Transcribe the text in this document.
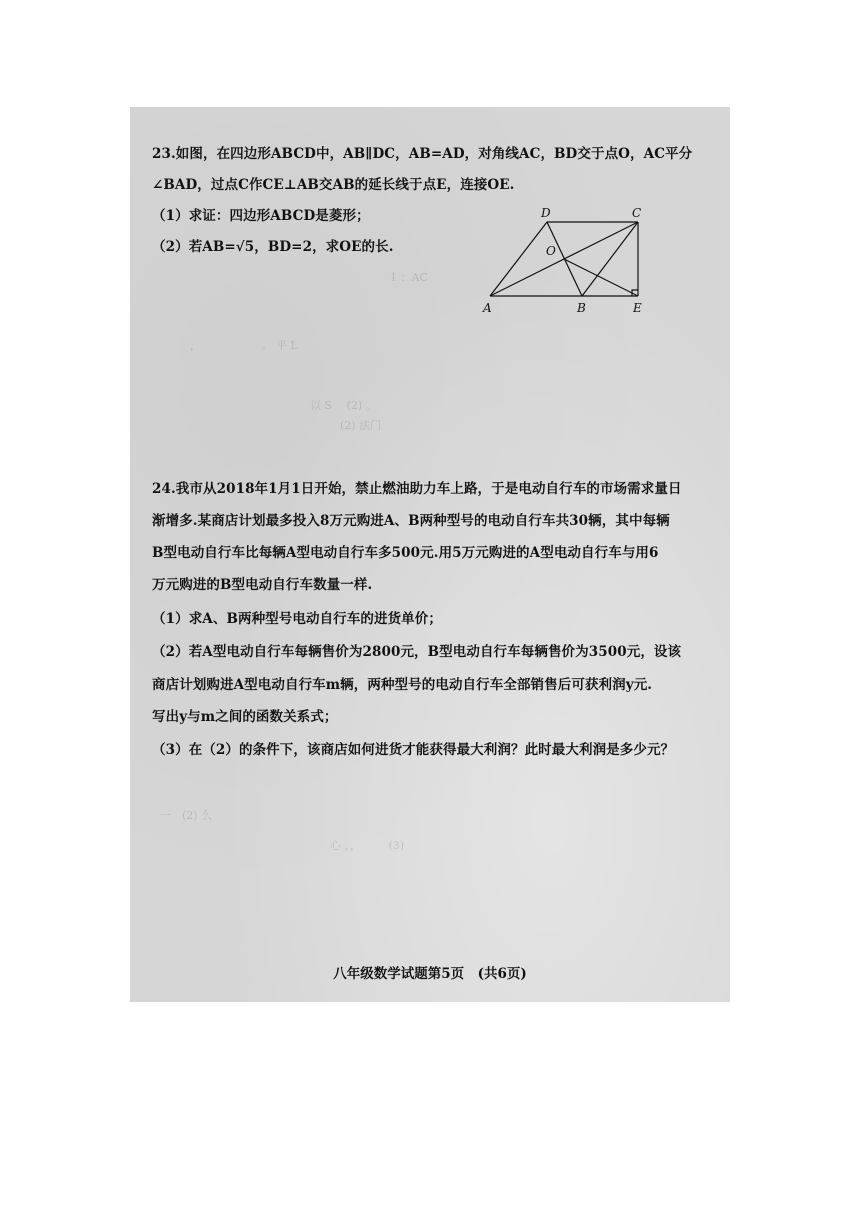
23.如图，在四边形ABCD中，AB∥DC，AB=AD，对角线AC，BD交于点O，AC平分
∠BAD，过点C作CE⊥AB交AB的延长线于点E，连接OE.
（1）求证：四边形ABCD是菱形；
（2）若AB=√5，BD=2，求OE的长.
D	C
O
A	B	E
1 ：AC
，　　　　　　。 平 L
以 S 　(2) 。
(2) 法门
24.我市从2018年1月1日开始，禁止燃油助力车上路，于是电动自行车的市场需求量日
渐增多.某商店计划最多投入8万元购进A、B两种型号的电动自行车共30辆，其中每辆
B型电动自行车比每辆A型电动自行车多500元.用5万元购进的A型电动自行车与用6
万元购进的B型电动自行车数量一样.
（1）求A、B两种型号电动自行车的进货单价；
（2）若A型电动自行车每辆售价为2800元，B型电动自行车每辆售价为3500元，设该
商店计划购进A型电动自行车m辆，两种型号的电动自行车全部销售后可获利润y元.
写出y与m之间的函数关系式；
（3）在（2）的条件下，该商店如何进货才能获得最大利润？此时最大利润是多少元？
一　(2) 么
心 ，，　　　(3)
八年级数学试题第5页　(共6页)
